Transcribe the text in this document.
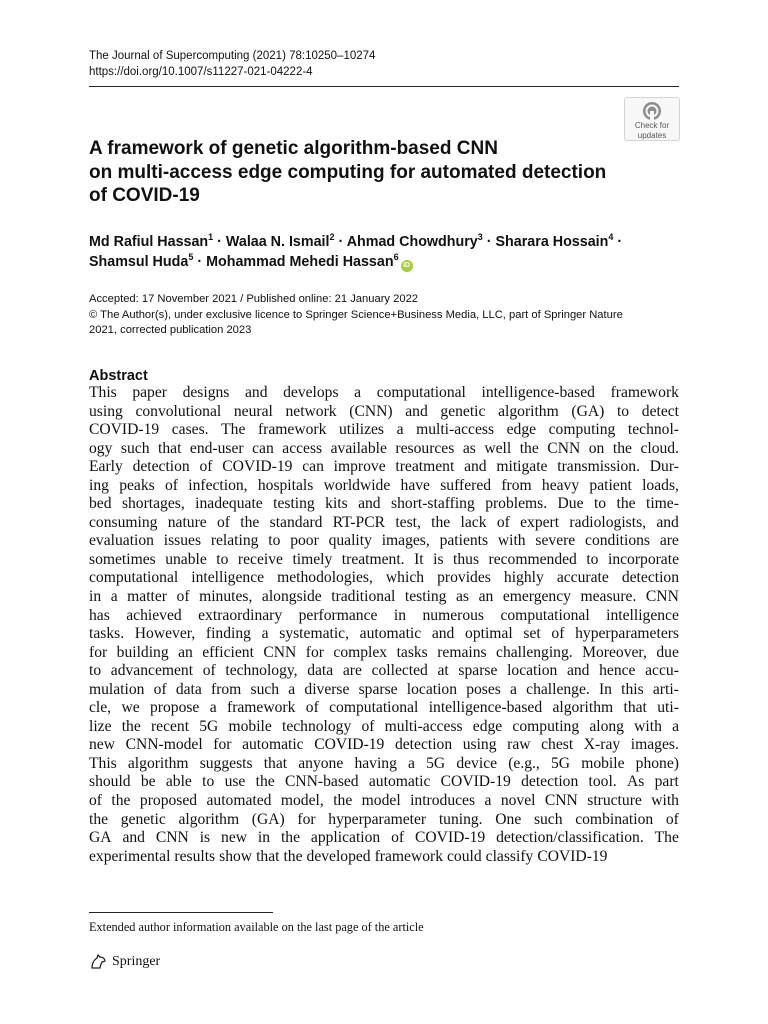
The Journal of Supercomputing (2021) 78:10250–10274
https://doi.org/10.1007/s11227-021-04222-4
Check for
updates
A framework of genetic algorithm-based CNN
on multi-access edge computing for automated detection
of COVID-19
Md Rafiul Hassan$^1$ · Walaa N. Ismail$^2$ · Ahmad Chowdhury$^3$ · Sharara Hossain$^4$ ·
Shamsul Huda$^5$ · Mohammad Mehedi Hassan$^6$iD
Accepted: 17 November 2021 / Published online: 21 January 2022
© The Author(s), under exclusive licence to Springer Science+Business Media, LLC, part of Springer Nature
2021, corrected publication 2023
Abstract
This paper designs and develops a computational intelligence-based framework
using convolutional neural network (CNN) and genetic algorithm (GA) to detect
COVID-19 cases. The framework utilizes a multi-access edge computing technol-
ogy such that end-user can access available resources as well the CNN on the cloud.
Early detection of COVID-19 can improve treatment and mitigate transmission. Dur-
ing peaks of infection, hospitals worldwide have suffered from heavy patient loads,
bed shortages, inadequate testing kits and short-staffing problems. Due to the time-
consuming nature of the standard RT-PCR test, the lack of expert radiologists, and
evaluation issues relating to poor quality images, patients with severe conditions are
sometimes unable to receive timely treatment. It is thus recommended to incorporate
computational intelligence methodologies, which provides highly accurate detection
in a matter of minutes, alongside traditional testing as an emergency measure. CNN
has achieved extraordinary performance in numerous computational intelligence
tasks. However, finding a systematic, automatic and optimal set of hyperparameters
for building an efficient CNN for complex tasks remains challenging. Moreover, due
to advancement of technology, data are collected at sparse location and hence accu-
mulation of data from such a diverse sparse location poses a challenge. In this arti-
cle, we propose a framework of computational intelligence-based algorithm that uti-
lize the recent 5G mobile technology of multi-access edge computing along with a
new CNN-model for automatic COVID-19 detection using raw chest X-ray images.
This algorithm suggests that anyone having a 5G device (e.g., 5G mobile phone)
should be able to use the CNN-based automatic COVID-19 detection tool. As part
of the proposed automated model, the model introduces a novel CNN structure with
the genetic algorithm (GA) for hyperparameter tuning. One such combination of
GA and CNN is new in the application of COVID-19 detection/classification. The
experimental results show that the developed framework could classify COVID-19
Extended author information available on the last page of the article
Springer
